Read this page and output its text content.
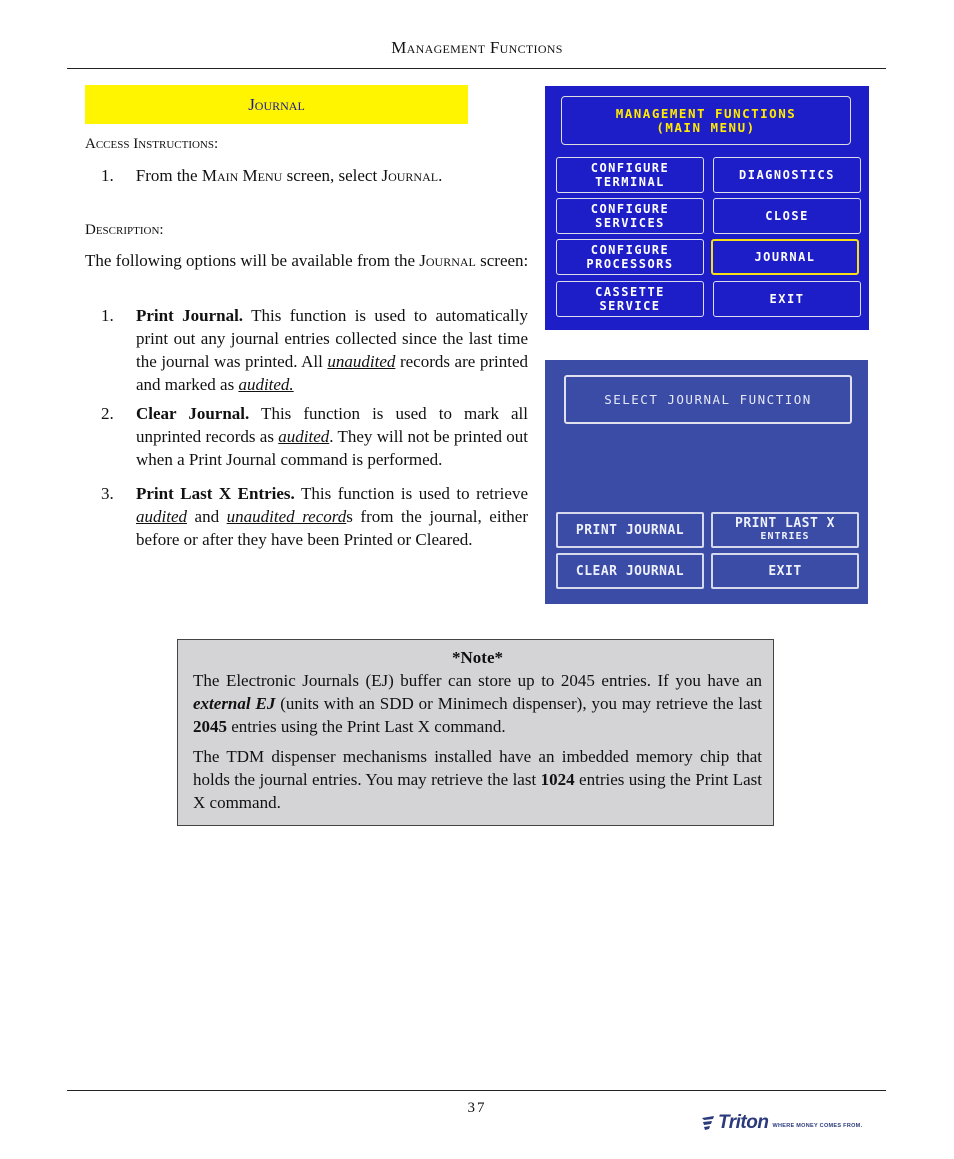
Management Functions
Journal
Access Instructions:
1. From the Main Menu screen, select Journal.
Description:
The following options will be available from the Journal screen:
1. Print Journal. This function is used to automatically print out any journal entries collected since the last time the journal was printed. All unaudited records are printed and marked as audited.
2. Clear Journal. This function is used to mark all unprinted records as audited. They will not be printed out when a Print Journal command is performed.
3. Print Last X Entries. This function is used to retrieve audited and unaudited records from the journal, either before or after they have been Printed or Cleared.
MANAGEMENT FUNCTIONS
(MAIN MENU)
CONFIGURE
TERMINAL	DIAGNOSTICS
CONFIGURE
SERVICES	CLOSE
CONFIGURE
PROCESSORS	JOURNAL
CASSETTE
SERVICE	EXIT
SELECT JOURNAL FUNCTION
PRINT JOURNAL	PRINT LAST X
ENTRIES
CLEAR JOURNAL	EXIT

*Note*

The Electronic Journals (EJ) buffer can store up to 2045 entries. If you have an external EJ (units with an SDD or Minimech dispenser), you may retrieve the last 2045 entries using the Print Last X command.

The TDM dispenser mechanisms installed have an imbedded memory chip that holds the journal entries. You may retrieve the last 1024 entries using the Print Last X command.

37
Triton WHERE MONEY COMES FROM.
